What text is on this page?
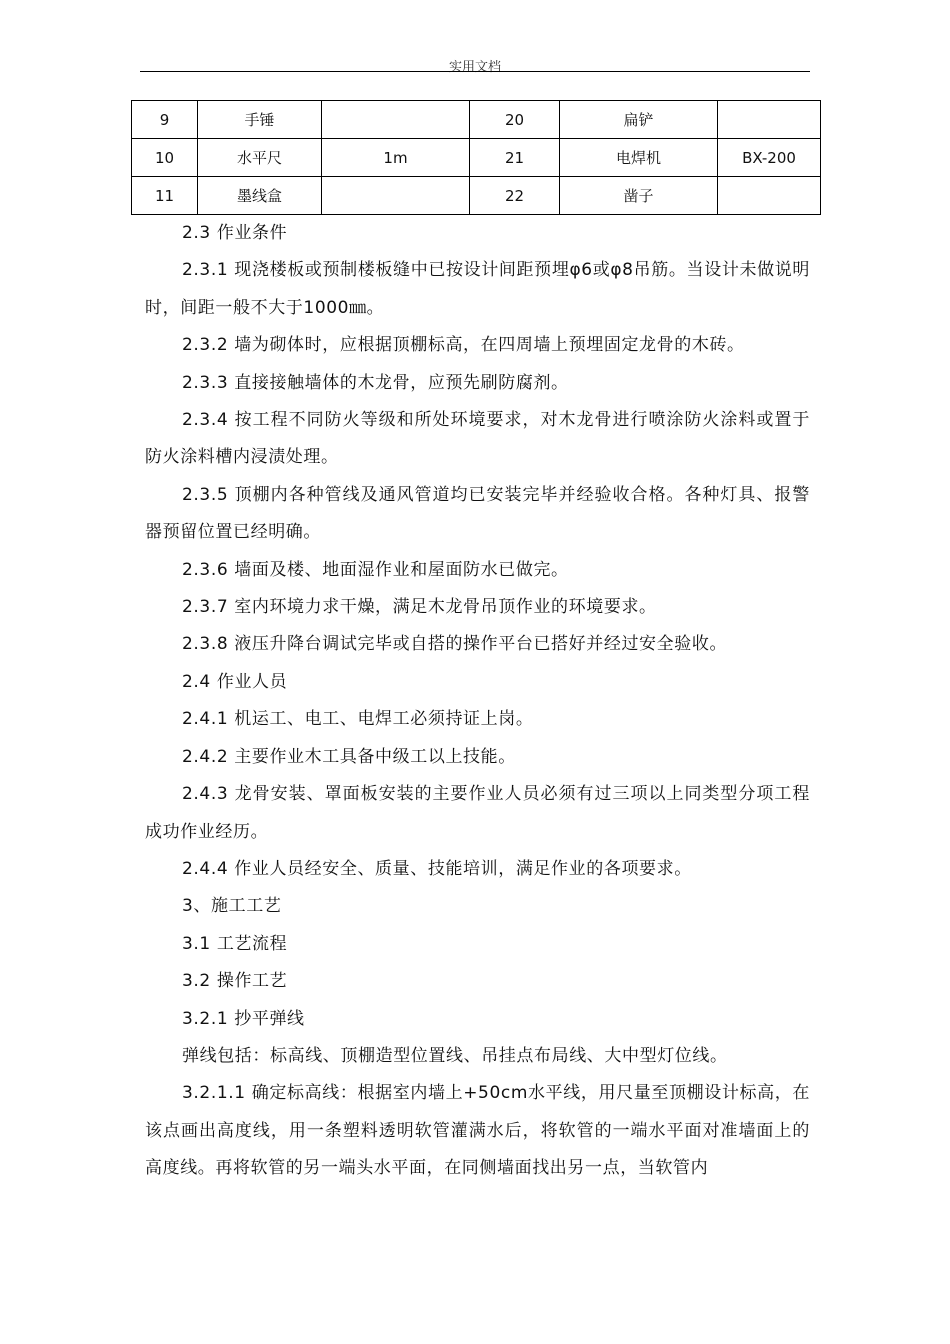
实用文档
9	手锤		20	扁铲	
10	水平尺	1m	21	电焊机	BX-200
11	墨线盒		22	凿子	

2.3 作业条件

2.3.1 现浇楼板或预制楼板缝中已按设计间距预埋φ6或φ8吊筋。当设计未做说明时，间距一般不大于1000㎜。

2.3.2 墙为砌体时，应根据顶棚标高，在四周墙上预埋固定龙骨的木砖。

2.3.3 直接接触墙体的木龙骨，应预先刷防腐剂。

2.3.4 按工程不同防火等级和所处环境要求，对木龙骨进行喷涂防火涂料或置于防火涂料槽内浸渍处理。

2.3.5 顶棚内各种管线及通风管道均已安装完毕并经验收合格。各种灯具、报警器预留位置已经明确。

2.3.6 墙面及楼、地面湿作业和屋面防水已做完。

2.3.7 室内环境力求干燥，满足木龙骨吊顶作业的环境要求。

2.3.8 液压升降台调试完毕或自搭的操作平台已搭好并经过安全验收。

2.4 作业人员

2.4.1 机运工、电工、电焊工必须持证上岗。

2.4.2 主要作业木工具备中级工以上技能。

2.4.3 龙骨安装、罩面板安装的主要作业人员必须有过三项以上同类型分项工程成功作业经历。

2.4.4 作业人员经安全、质量、技能培训，满足作业的各项要求。

3、施工工艺

3.1 工艺流程

3.2 操作工艺

3.2.1 抄平弹线

弹线包括：标高线、顶棚造型位置线、吊挂点布局线、大中型灯位线。

3.2.1.1 确定标高线：根据室内墙上+50cm水平线，用尺量至顶棚设计标高，在该点画出高度线，用一条塑料透明软管灌满水后，将软管的一端水平面对准墙面上的高度线。再将软管的另一端头水平面，在同侧墙面找出另一点，当软管内
